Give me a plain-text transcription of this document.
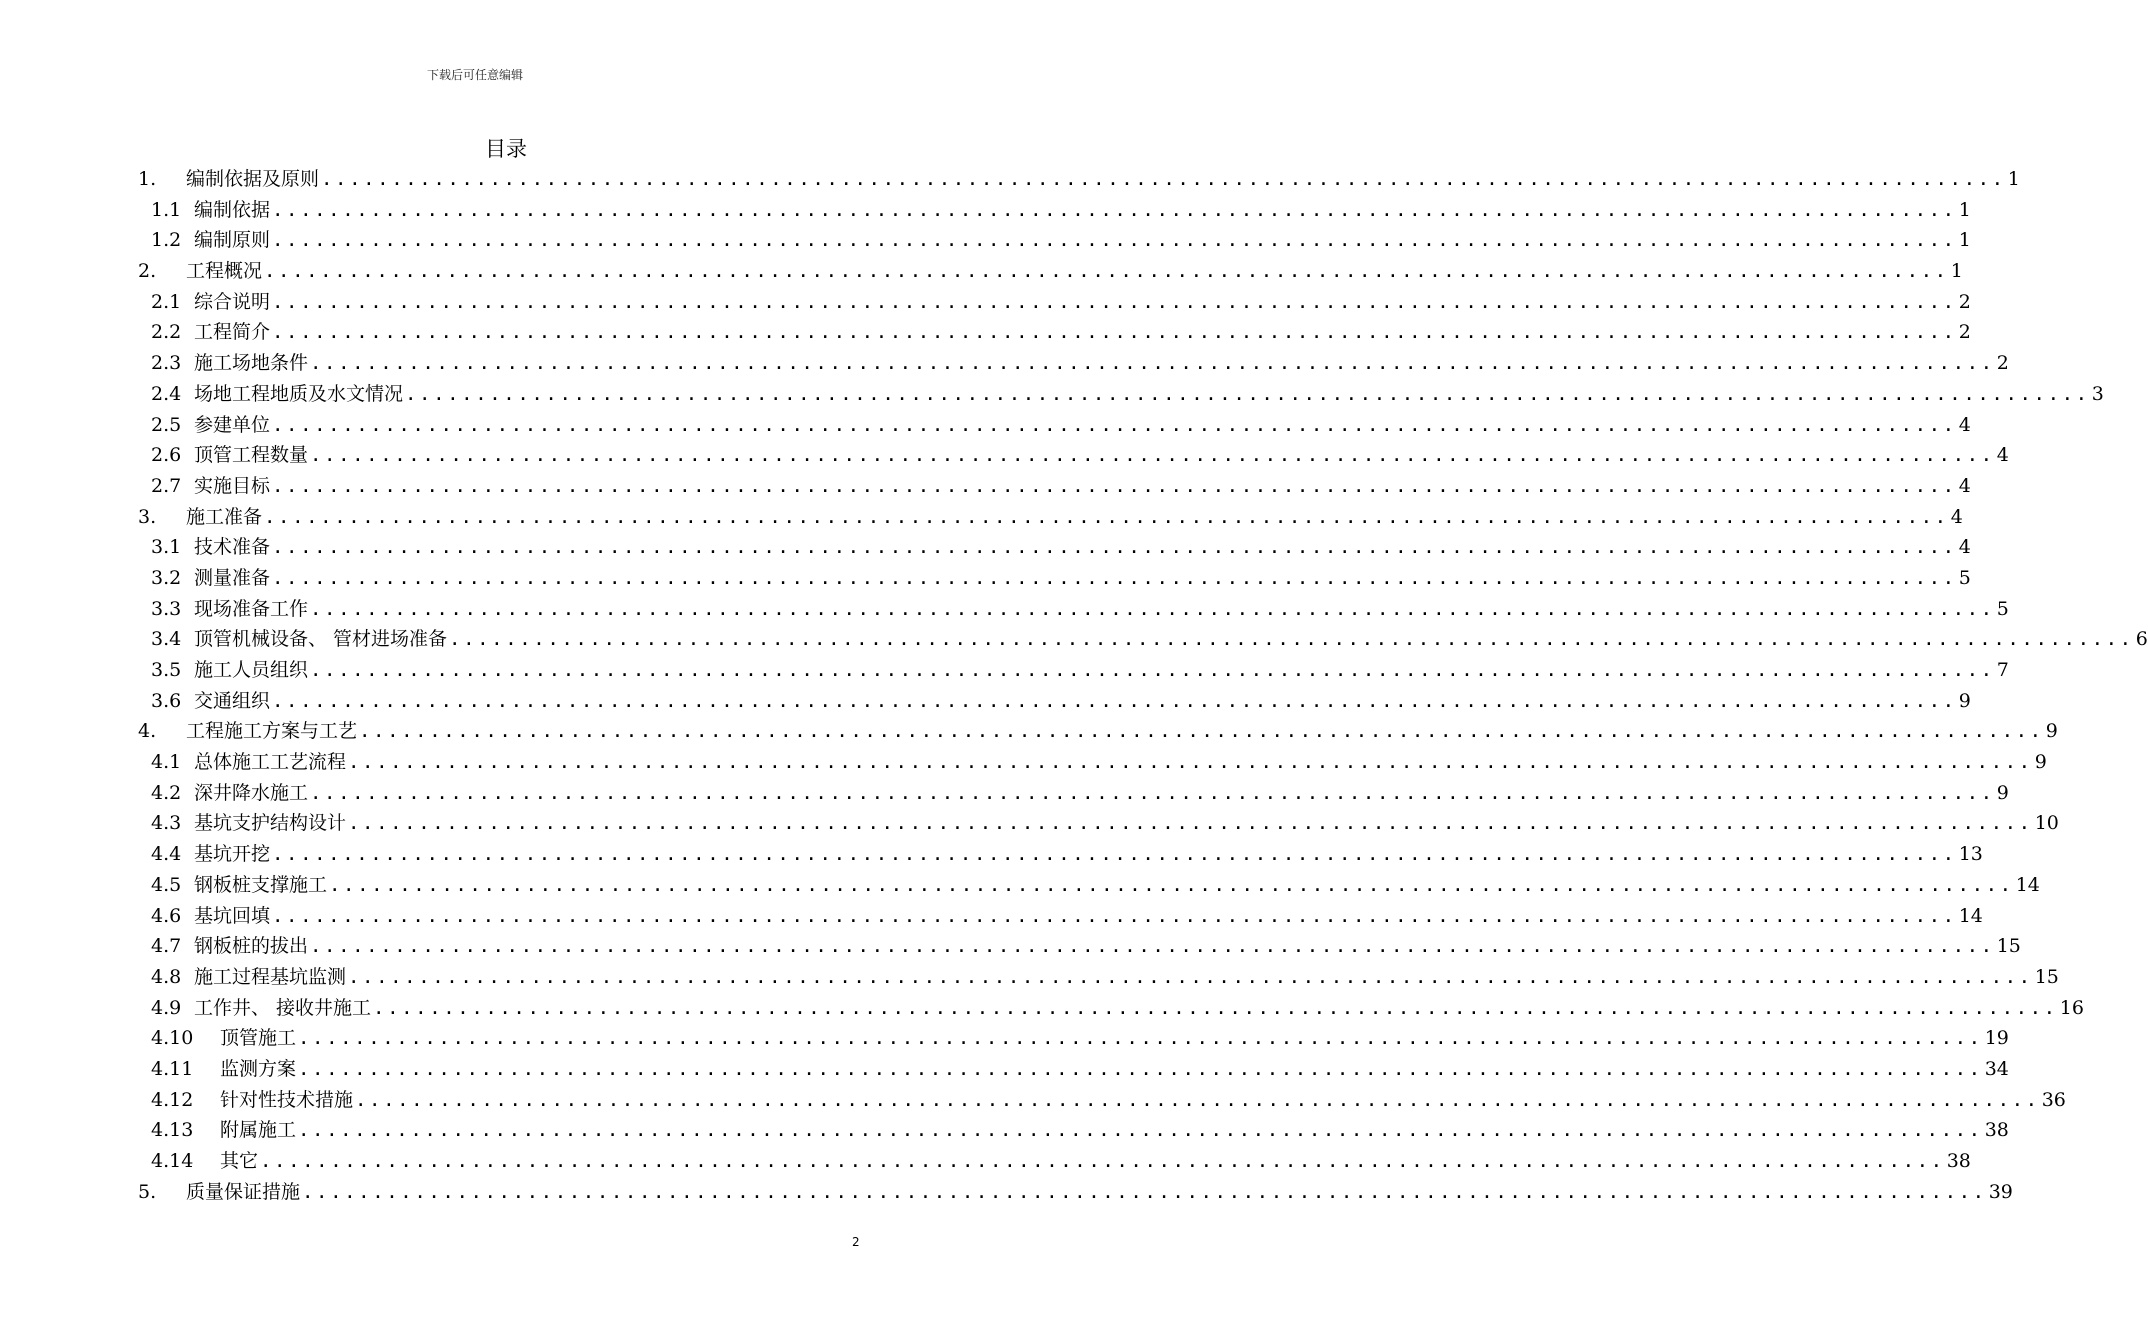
下载后可任意编辑
目录
1.	编制依据及原则 ........................................................................................................................ 1
1.1 编制依据 ........................................................................................................................ 1
1.2 编制原则 ........................................................................................................................ 1
2.	工程概况 ........................................................................................................................ 1
2.1 综合说明 ........................................................................................................................ 2
2.2 工程简介 ........................................................................................................................ 2
2.3 施工场地条件 ........................................................................................................................ 2
2.4 场地工程地质及水文情况 ........................................................................................................................ 3
2.5 参建单位 ........................................................................................................................ 4
2.6 顶管工程数量 ........................................................................................................................ 4
2.7 实施目标 ........................................................................................................................ 4
3.	施工准备 ........................................................................................................................ 4
3.1 技术准备 ........................................................................................................................ 4
3.2 测量准备 ........................................................................................................................ 5
3.3 现场准备工作 ........................................................................................................................ 5
3.4 顶管机械设备、 管材进场准备 ........................................................................................................................ 6
3.5 施工人员组织 ........................................................................................................................ 7
3.6 交通组织 ........................................................................................................................ 9
4.	工程施工方案与工艺 ........................................................................................................................ 9
4.1 总体施工工艺流程 ........................................................................................................................ 9
4.2 深井降水施工 ........................................................................................................................ 9
4.3 基坑支护结构设计 ........................................................................................................................ 10
4.4 基坑开挖 ........................................................................................................................ 13
4.5 钢板桩支撑施工 ........................................................................................................................ 14
4.6 基坑回填 ........................................................................................................................ 14
4.7 钢板桩的拔出 ........................................................................................................................ 15
4.8 施工过程基坑监测 ........................................................................................................................ 15
4.9 工作井、 接收井施工 ........................................................................................................................ 16
4.10	顶管施工 ........................................................................................................................ 19
4.11	监测方案 ........................................................................................................................ 34
4.12	针对性技术措施 ........................................................................................................................ 36
4.13	附属施工 ........................................................................................................................ 38
4.14	其它 ........................................................................................................................ 38
5.	质量保证措施 ........................................................................................................................ 39
2
